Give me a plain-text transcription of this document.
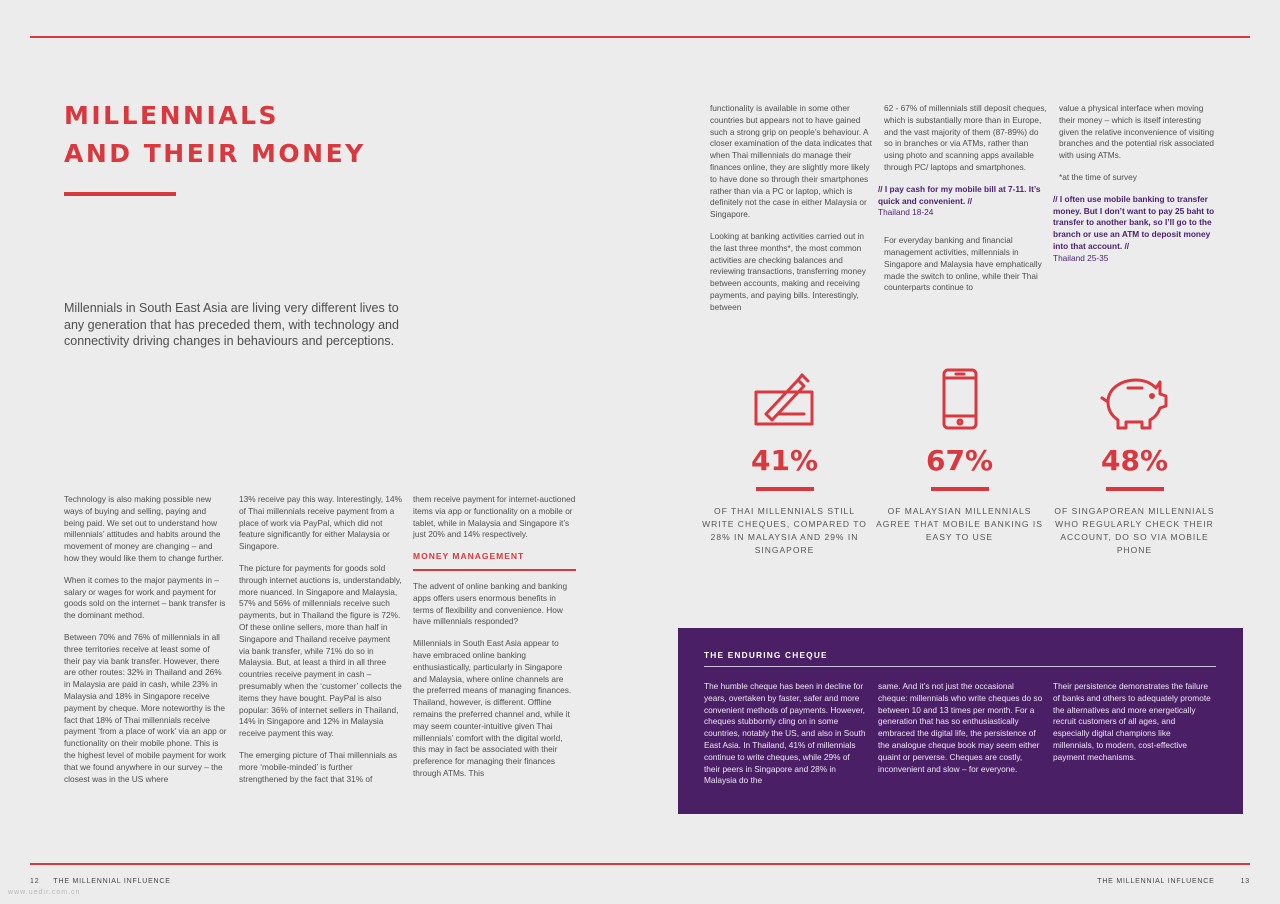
MILLENNIALS
AND THEIR MONEY

Millennials in South East Asia are living very different lives to any generation that has preceded them, with technology and connectivity driving changes in behaviours and perceptions.

Technology is also making possible new ways of buying and selling, paying and being paid. We set out to understand how millennials’ attitudes and habits around the movement of money are changing – and how they would like them to change further.

When it comes to the major payments in – salary or wages for work and payment for goods sold on the internet – bank transfer is the dominant method.

Between 70% and 76% of millennials in all three territories receive at least some of their pay via bank transfer. However, there are other routes: 32% in Thailand and 26% in Malaysia are paid in cash, while 23% in Malaysia and 18% in Singapore receive payment by cheque. More noteworthy is the fact that 18% of Thai millennials receive payment ‘from a place of work’ via an app or functionality on their mobile phone. This is the highest level of mobile payment for work that we found anywhere in our survey – the closest was in the US where

13% receive pay this way. Interestingly, 14% of Thai millennials receive payment from a place of work via PayPal, which did not feature significantly for either Malaysia or Singapore.

The picture for payments for goods sold through internet auctions is, understandably, more nuanced. In Singapore and Malaysia, 57% and 56% of millennials receive such payments, but in Thailand the figure is 72%. Of these online sellers, more than half in Singapore and Thailand receive payment via bank transfer, while 71% do so in Malaysia. But, at least a third in all three countries receive payment in cash – presumably when the ‘customer’ collects the items they have bought. PayPal is also popular: 36% of internet sellers in Thailand, 14% in Singapore and 12% in Malaysia receive payment this way.

The emerging picture of Thai millennials as more ‘mobile-minded’ is further strengthened by the fact that 31% of

them receive payment for internet-auctioned items via app or functionality on a mobile or tablet, while in Malaysia and Singapore it’s just 20% and 14% respectively.

MONEY MANAGEMENT

The advent of online banking and banking apps offers users enormous benefits in terms of flexibility and convenience. How have millennials responded?

Millennials in South East Asia appear to have embraced online banking enthusiastically, particularly in Singapore and Malaysia, where online channels are the preferred means of managing finances. Thailand, however, is different. Offline remains the preferred channel and, while it may seem counter-intuitive given Thai millennials’ comfort with the digital world, this may in fact be associated with their preference for managing their finances through ATMs. This

functionality is available in some other countries but appears not to have gained such a strong grip on people’s behaviour. A closer examination of the data indicates that when Thai millennials do manage their finances online, they are slightly more likely to have done so through their smartphones rather than via a PC or laptop, which is definitely not the case in either Malaysia or Singapore.

Looking at banking activities carried out in the last three months*, the most common activities are checking balances and reviewing transactions, transferring money between accounts, making and receiving payments, and paying bills. Interestingly, between

62 - 67% of millennials still deposit cheques, which is substantially more than in Europe, and the vast majority of them (87-89%) do so in branches or via ATMs, rather than using photo and scanning apps available through PC/ laptops and smartphones.

// I pay cash for my mobile bill at 7-11. It’s quick and convenient. //
Thailand 18-24

For everyday banking and financial management activities, millennials in Singapore and Malaysia have emphatically made the switch to online, while their Thai counterparts continue to

value a physical interface when moving their money – which is itself interesting given the relative inconvenience of visiting branches and the potential risk associated with using ATMs.

*at the time of survey

// I often use mobile banking to transfer money. But I don’t want to pay 25 baht to transfer to another bank, so I’ll go to the branch or use an ATM to deposit money into that account. //
Thailand 25-35
41%
OF THAI MILLENNIALS STILL WRITE CHEQUES, COMPARED TO 28% IN MALAYSIA AND 29% IN SINGAPORE
67%
OF MALAYSIAN MILLENNIALS AGREE THAT MOBILE BANKING IS EASY TO USE
48%
OF SINGAPOREAN MILLENNIALS WHO REGULARLY CHECK THEIR ACCOUNT, DO SO VIA MOBILE PHONE
THE ENDURING CHEQUE

The humble cheque has been in decline for years, overtaken by faster, safer and more convenient methods of payments. However, cheques stubbornly cling on in some countries, notably the US, and also in South East Asia. In Thailand, 41% of millennials continue to write cheques, while 29% of their peers in Singapore and 28% in Malaysia do the

same. And it’s not just the occasional cheque: millennials who write cheques do so between 10 and 13 times per month. For a generation that has so enthusiastically embraced the digital life, the persistence of the analogue cheque book may seem either quaint or perverse. Cheques are costly, inconvenient and slow – for everyone.

Their persistence demonstrates the failure of banks and others to adequately promote the alternatives and more energetically recruit customers of all ages, and especially digital champions like millennials, to modern, cost-effective payment mechanisms.

12 THE MILLENNIAL INFLUENCE	THE MILLENNIAL INFLUENCE	13
www.uedir.com.cn
